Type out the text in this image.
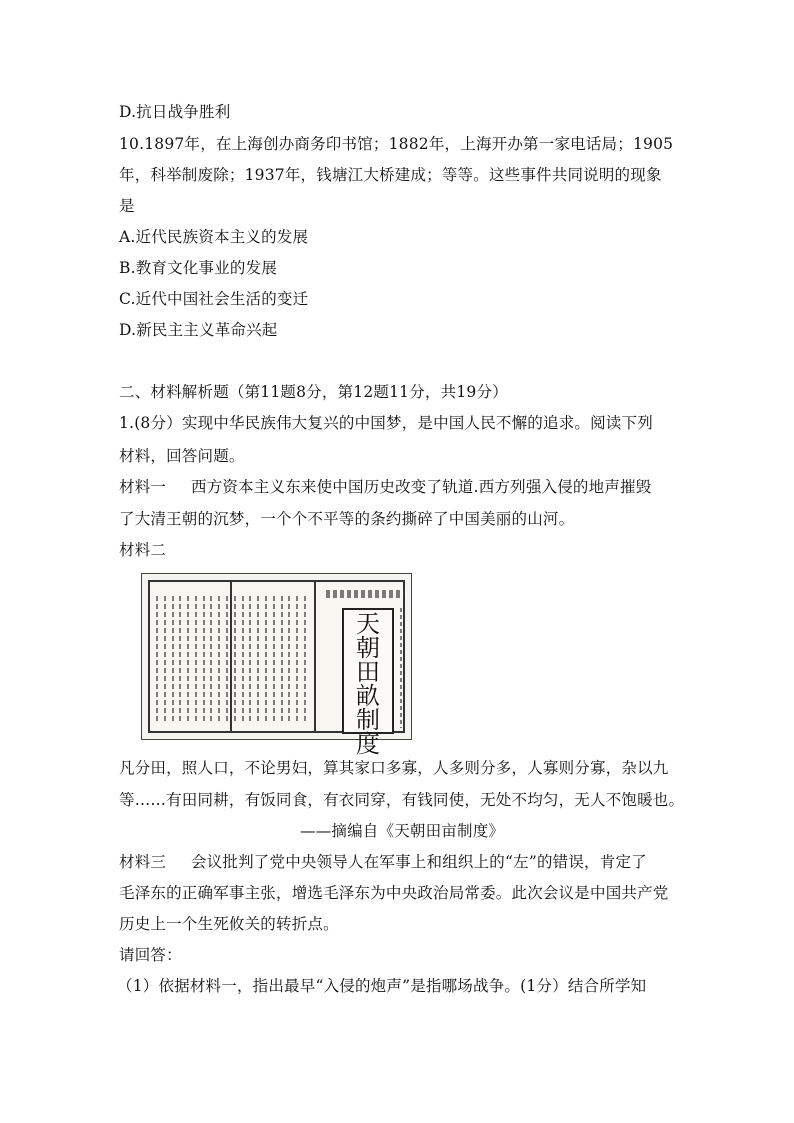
D.抗日战争胜利
10.1897年，在上海创办商务印书馆；1882年，上海开办第一家电话局；1905
年，科举制废除；1937年，钱塘江大桥建成；等等。这些事件共同说明的现象
是
A.近代民族资本主义的发展
B.教育文化事业的发展
C.近代中国社会生活的变迁
D.新民主主义革命兴起
二、材料解析题（第11题8分，第12题11分，共19分）
1.(8分）实现中华民族伟大复兴的中国梦，是中国人民不懈的追求。阅读下列
材料，回答问题。
材料一 西方资本主义东来使中国历史改变了轨道.西方列强入侵的地声摧毁
了大清王朝的沉梦，一个个不平等的条约撕碎了中国美丽的山河。
材料二
天
朝
田
畝
制
度
凡分田，照人口，不论男妇，算其家口多寡，人多则分多，人寡则分寡，杂以九
等……有田同耕，有饭同食，有衣同穿，有钱同使，无处不均匀，无人不饱暖也。
——摘编自《天朝田亩制度》
材料三 会议批判了党中央领导人在军事上和组织上的“左”的错误，肯定了
毛泽东的正确军事主张，增选毛泽东为中央政治局常委。此次会议是中国共产党
历史上一个生死攸关的转折点。
请回答：
（1）依据材料一，指出最早“入侵的炮声”是指哪场战争。(1分）结合所学知
